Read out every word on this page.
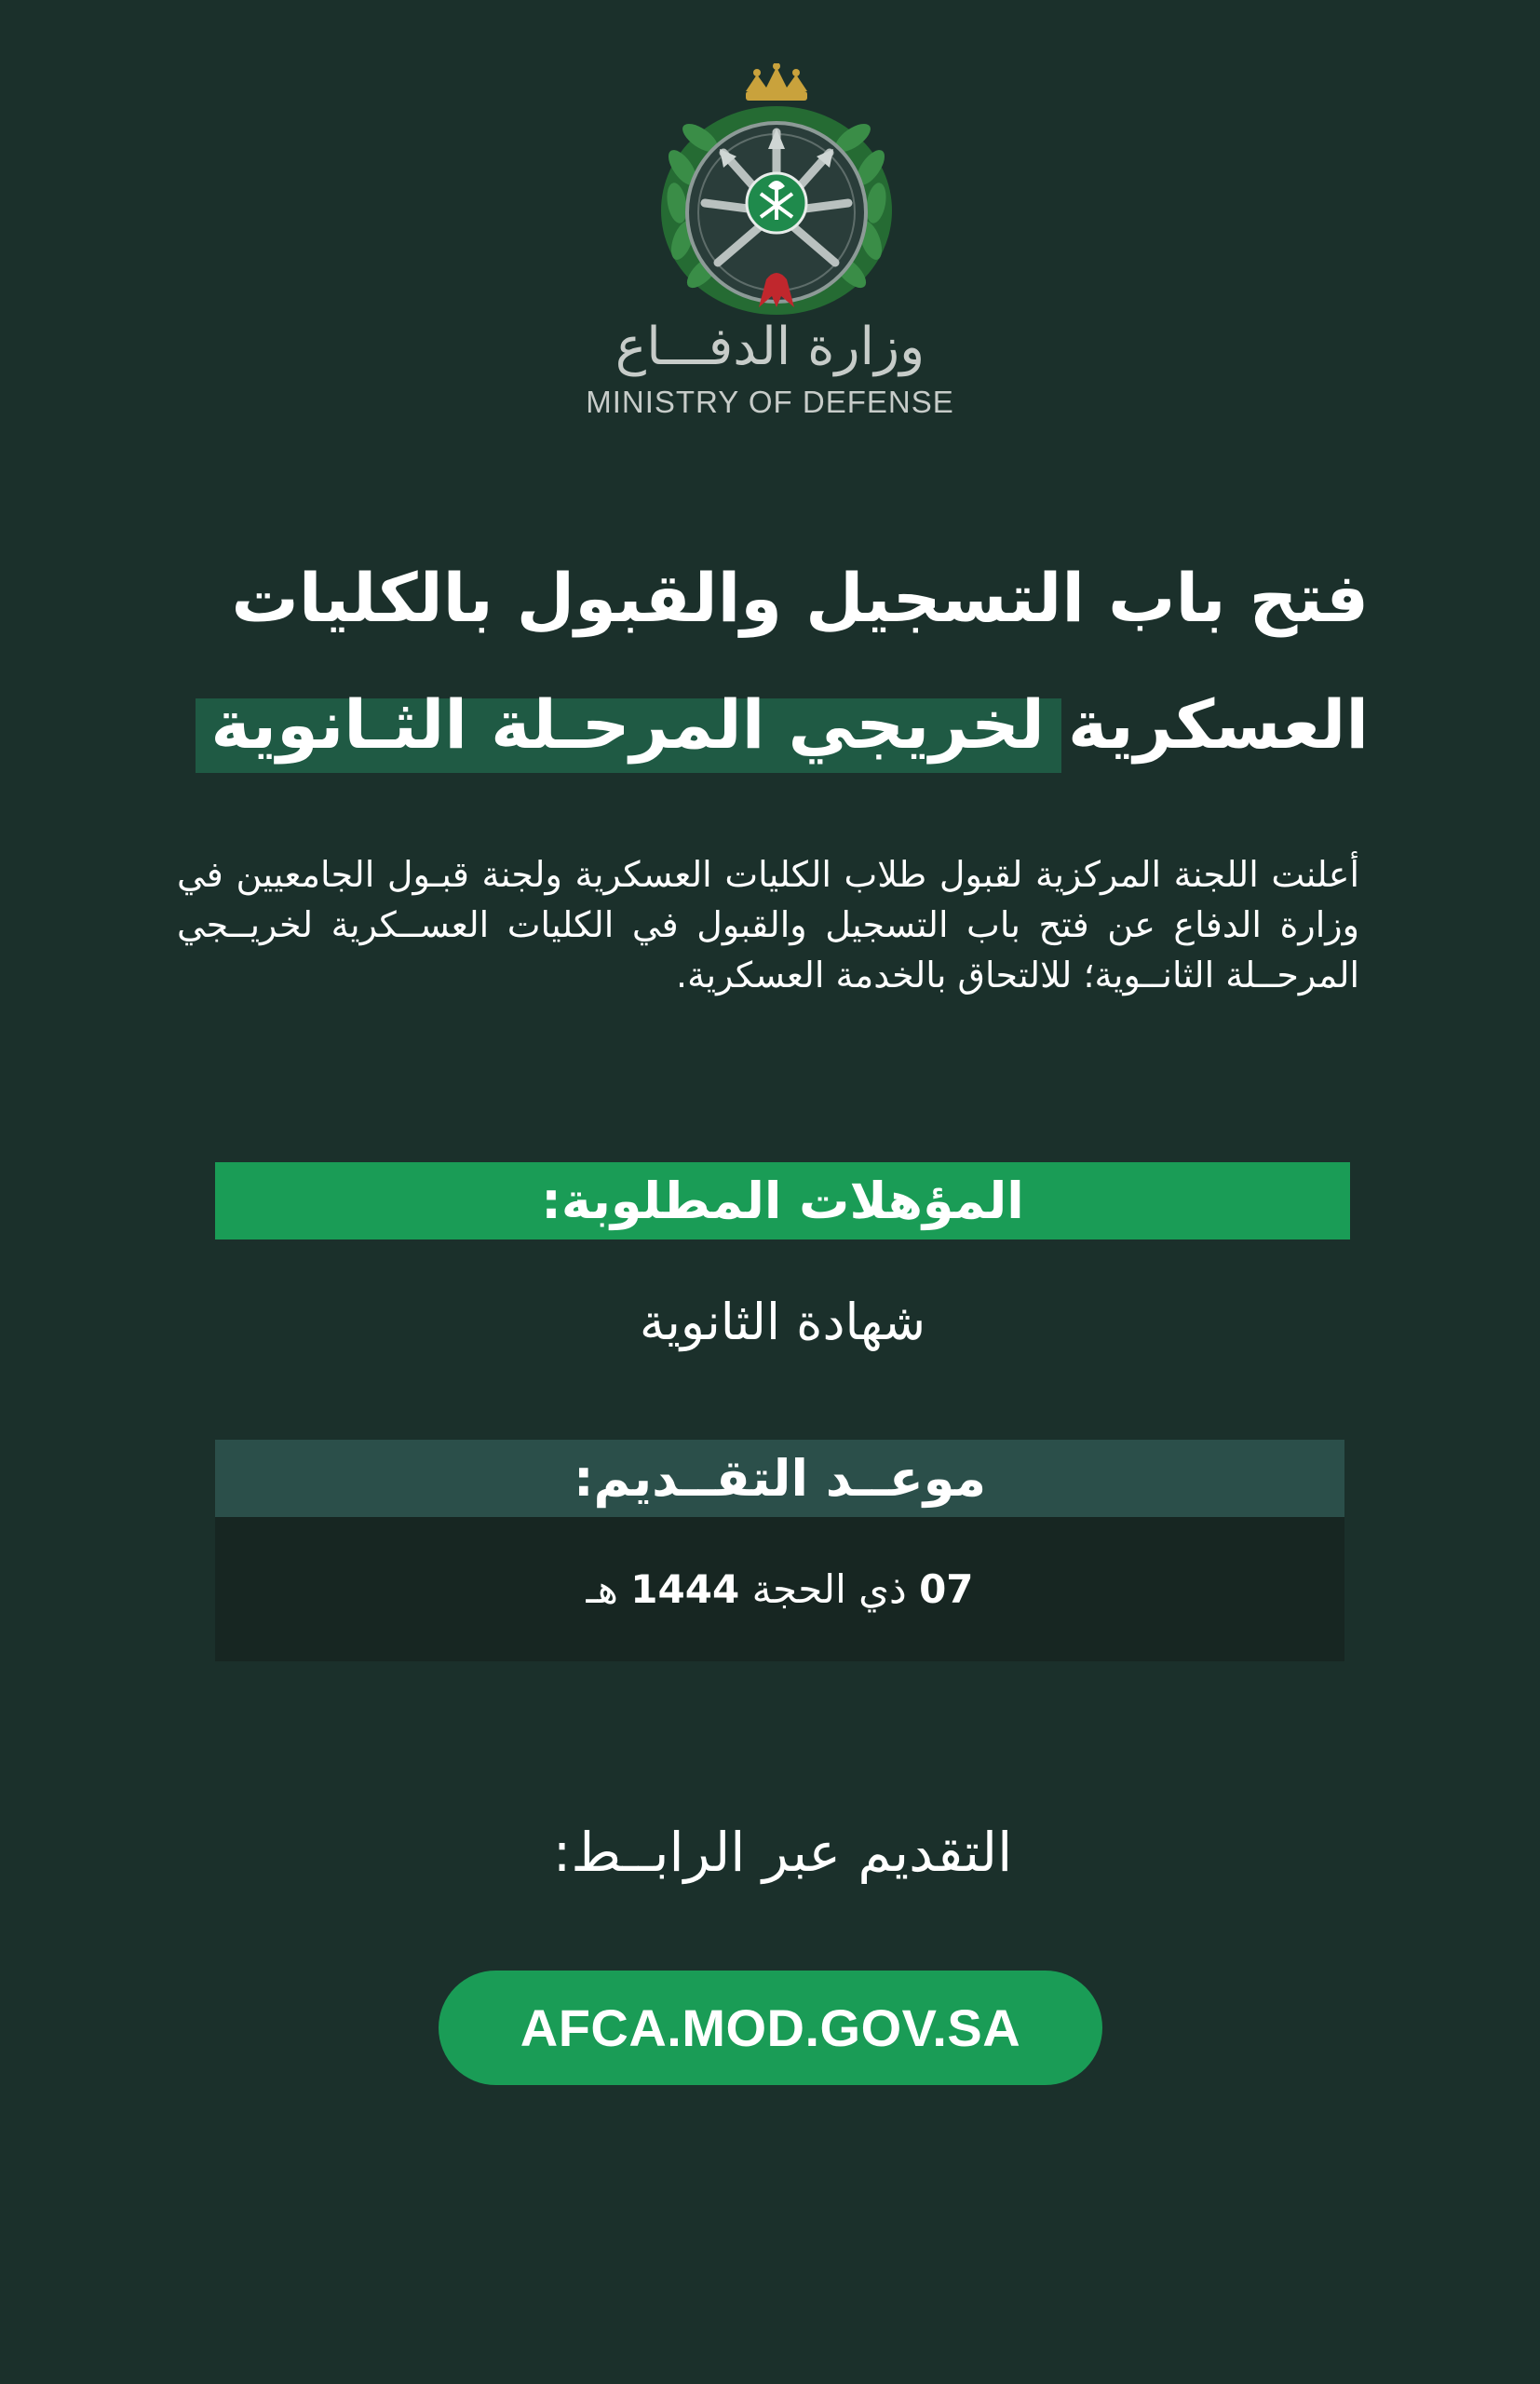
وزارة الدفـــاع
MINISTRY OF DEFENSE
فتح باب التسجيل والقبول بالكليات
العسكرية لخريجي المرحـلة الثـانوية
أعلنت اللجنة المركزية لقبول طلاب الكليات العسكرية ولجنة قبـول الجامعيين في وزارة الدفاع عن فتح باب التسجيل والقبول في الكليات العســكرية لخريــجي المرحــلة الثانــوية؛ للالتحاق بالخدمة العسكرية.
المؤهلات المطلوبة:
شهادة الثانوية
موعــد التقــديم:
07 ذي الحجة 1444 هـ
التقديم عبر الرابــط:
AFCA.MOD.GOV.SA
